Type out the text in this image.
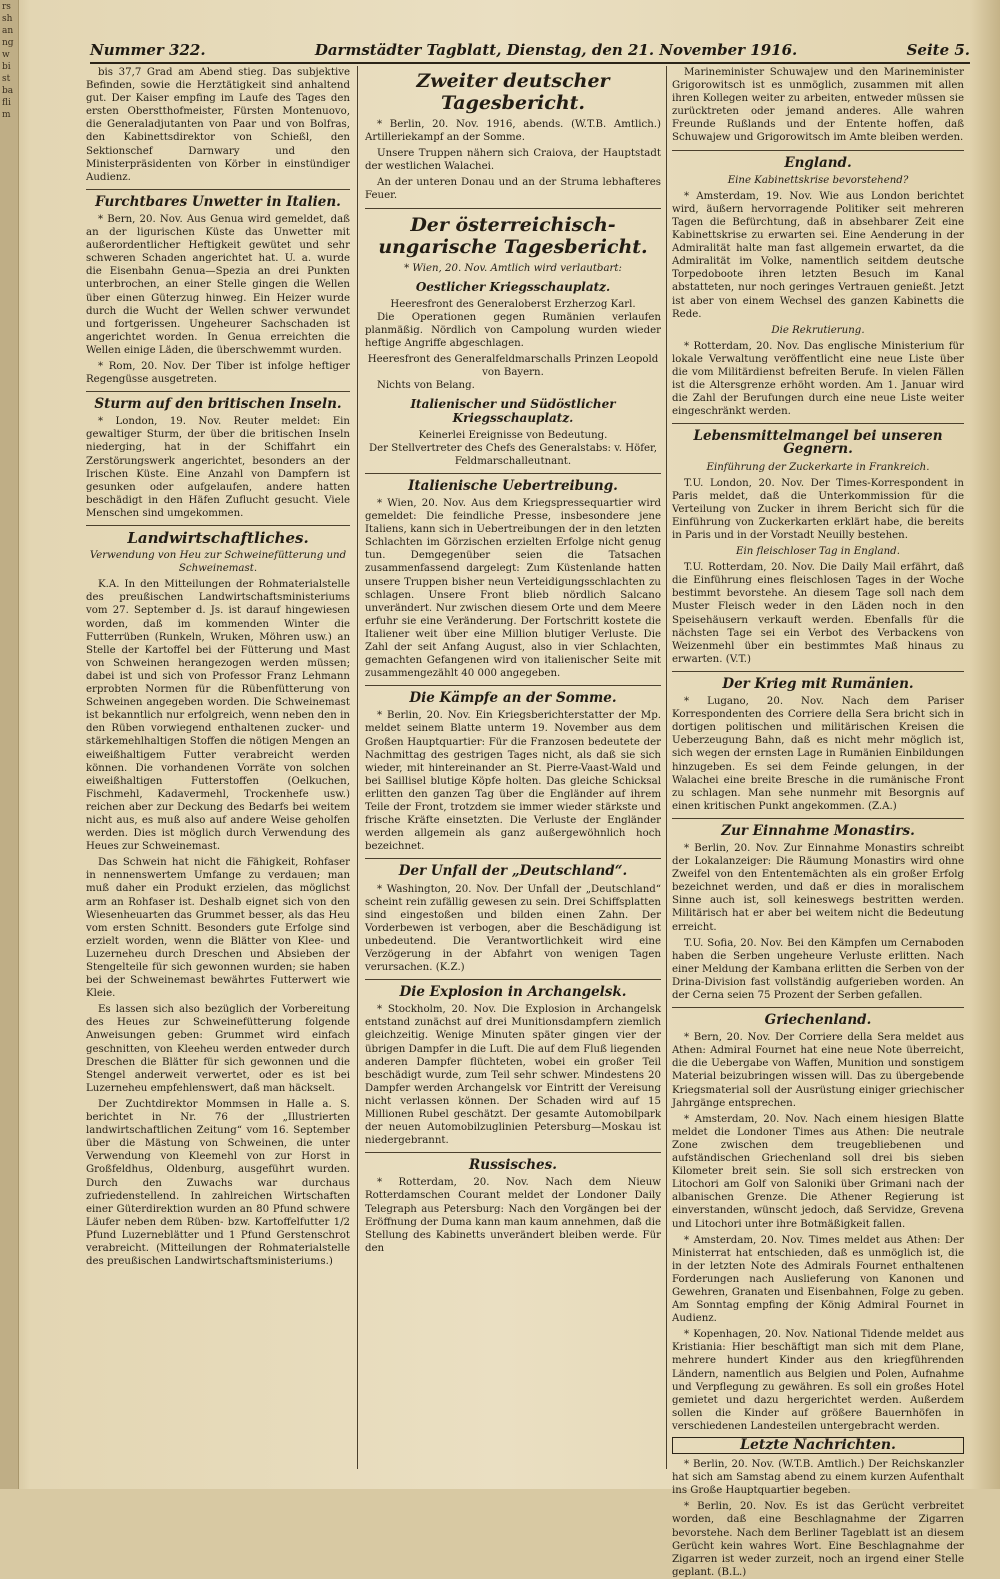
rs
sh
an
ng
w
bi
st
ba
fli
m
Nummer 322.	Darmstädter Tagblatt, Dienstag, den 21. November 1916.	Seite 5.

bis 37,7 Grad am Abend stieg. Das subjektive Befinden, sowie die Herztätigkeit sind anhaltend gut. Der Kaiser empfing im Laufe des Tages den ersten Oberstthofmeister, Fürsten Montenuovo, die Generaladjutanten von Paar und von Bolfras, den Kabinettsdirektor von Schießl, den Sektionschef Darnwary und den Ministerpräsidenten von Körber in einstündiger Audienz.

Furchtbares Unwetter in Italien.

* Bern, 20. Nov. Aus Genua wird gemeldet, daß an der ligurischen Küste das Unwetter mit außerordentlicher Heftigkeit gewütet und sehr schweren Schaden angerichtet hat. U. a. wurde die Eisenbahn Genua—Spezia an drei Punkten unterbrochen, an einer Stelle gingen die Wellen über einen Güterzug hinweg. Ein Heizer wurde durch die Wucht der Wellen schwer verwundet und fortgerissen. Ungeheurer Sachschaden ist angerichtet worden. In Genua erreichten die Wellen einige Läden, die überschwemmt wurden.

* Rom, 20. Nov. Der Tiber ist infolge heftiger Regengüsse ausgetreten.

Sturm auf den britischen Inseln.

* London, 19. Nov. Reuter meldet: Ein gewaltiger Sturm, der über die britischen Inseln niederging, hat in der Schiffahrt ein Zerstörungswerk angerichtet, besonders an der Irischen Küste. Eine Anzahl von Dampfern ist gesunken oder aufgelaufen, andere hatten beschädigt in den Häfen Zuflucht gesucht. Viele Menschen sind umgekommen.

Landwirtschaftliches.
Verwendung von Heu zur Schweinefütterung und Schweinemast.

K.A. In den Mitteilungen der Rohmaterialstelle des preußischen Landwirtschaftsministeriums vom 27. September d. Js. ist darauf hingewiesen worden, daß im kommenden Winter die Futterrüben (Runkeln, Wruken, Möhren usw.) an Stelle der Kartoffel bei der Fütterung und Mast von Schweinen herangezogen werden müssen; dabei ist und sich von Professor Franz Lehmann erprobten Normen für die Rübenfütterung von Schweinen angegeben worden. Die Schweinemast ist bekanntlich nur erfolgreich, wenn neben den in den Rüben vorwiegend enthaltenen zucker- und stärkemehlhaltigen Stoffen die nötigen Mengen an eiweißhaltigem Futter verabreicht werden können. Die vorhandenen Vorräte von solchen eiweißhaltigen Futterstoffen (Oelkuchen, Fischmehl, Kadavermehl, Trockenhefe usw.) reichen aber zur Deckung des Bedarfs bei weitem nicht aus, es muß also auf andere Weise geholfen werden. Dies ist möglich durch Verwendung des Heues zur Schweinemast.

Das Schwein hat nicht die Fähigkeit, Rohfaser in nennenswertem Umfange zu verdauen; man muß daher ein Produkt erzielen, das möglichst arm an Rohfaser ist. Deshalb eignet sich von den Wiesenheuarten das Grummet besser, als das Heu vom ersten Schnitt. Besonders gute Erfolge sind erzielt worden, wenn die Blätter von Klee- und Luzerneheu durch Dreschen und Absieben der Stengelteile für sich gewonnen wurden; sie haben bei der Schweinemast bewährtes Futterwert wie Kleie.

Es lassen sich also bezüglich der Vorbereitung des Heues zur Schweinefütterung folgende Anweisungen geben: Grummet wird einfach geschnitten, von Kleeheu werden entweder durch Dreschen die Blätter für sich gewonnen und die Stengel anderweit verwertet, oder es ist bei Luzerneheu empfehlenswert, daß man häckselt.

Der Zuchtdirektor Mommsen in Halle a. S. berichtet in Nr. 76 der „Illustrierten landwirtschaftlichen Zeitung“ vom 16. September über die Mästung von Schweinen, die unter Verwendung von Kleemehl von zur Horst in Großfeldhus, Oldenburg, ausgeführt wurden. Durch den Zuwachs war durchaus zufriedenstellend. In zahlreichen Wirtschaften einer Güterdirektion wurden an 80 Pfund schwere Läufer neben dem Rüben- bzw. Kartoffelfutter 1/2 Pfund Luzerneblätter und 1 Pfund Gerstenschrot verabreicht. (Mitteilungen der Rohmaterialstelle des preußischen Landwirtschaftsministeriums.)

Zweiter deutscher Tagesbericht.

* Berlin, 20. Nov. 1916, abends. (W.T.B. Amtlich.) Artilleriekampf an der Somme.

Unsere Truppen nähern sich Craiova, der Hauptstadt der westlichen Walachei.

An der unteren Donau und an der Struma lebhafteres Feuer.

Der österreichisch-ungarische Tagesbericht.
* Wien, 20. Nov. Amtlich wird verlautbart:
Oestlicher Kriegsschauplatz.
Heeresfront des Generaloberst Erzherzog Karl.

Die Operationen gegen Rumänien verlaufen planmäßig. Nördlich von Campolung wurden wieder heftige Angriffe abgeschlagen.

Heeresfront des Generalfeldmarschalls Prinzen Leopold von Bayern.

Nichts von Belang.

Italienischer und Südöstlicher Kriegsschauplatz.
Keinerlei Ereignisse von Bedeutung.
Der Stellvertreter des Chefs des Generalstabs: v. Höfer, Feldmarschalleutnant.
Italienische Uebertreibung.

* Wien, 20. Nov. Aus dem Kriegspressequartier wird gemeldet: Die feindliche Presse, insbesondere jene Italiens, kann sich in Uebertreibungen der in den letzten Schlachten im Görzischen erzielten Erfolge nicht genug tun. Demgegenüber seien die Tatsachen zusammenfassend dargelegt: Zum Küstenlande hatten unsere Truppen bisher neun Verteidigungsschlachten zu schlagen. Unsere Front blieb nördlich Salcano unverändert. Nur zwischen diesem Orte und dem Meere erfuhr sie eine Veränderung. Der Fortschritt kostete die Italiener weit über eine Million blutiger Verluste. Die Zahl der seit Anfang August, also in vier Schlachten, gemachten Gefangenen wird von italienischer Seite mit zusammengezählt 40 000 angegeben.

Die Kämpfe an der Somme.

* Berlin, 20. Nov. Ein Kriegsberichterstatter der Mp. meldet seinem Blatte unterm 19. November aus dem Großen Hauptquartier: Für die Franzosen bedeutete der Nachmittag des gestrigen Tages nicht, als daß sie sich wieder, mit hintereinander an St. Pierre-Vaast-Wald und bei Saillisel blutige Köpfe holten. Das gleiche Schicksal erlitten den ganzen Tag über die Engländer auf ihrem Teile der Front, trotzdem sie immer wieder stärkste und frische Kräfte einsetzten. Die Verluste der Engländer werden allgemein als ganz außergewöhnlich hoch bezeichnet.

Der Unfall der „Deutschland“.

* Washington, 20. Nov. Der Unfall der „Deutschland“ scheint rein zufällig gewesen zu sein. Drei Schiffsplatten sind eingestoßen und bilden einen Zahn. Der Vorderbewen ist verbogen, aber die Beschädigung ist unbedeutend. Die Verantwortlichkeit wird eine Verzögerung in der Abfahrt von wenigen Tagen verursachen. (K.Z.)

Die Explosion in Archangelsk.

* Stockholm, 20. Nov. Die Explosion in Archangelsk entstand zunächst auf drei Munitionsdampfern ziemlich gleichzeitig. Wenige Minuten später gingen vier der übrigen Dampfer in die Luft. Die auf dem Fluß liegenden anderen Dampfer flüchteten, wobei ein großer Teil beschädigt wurde, zum Teil sehr schwer. Mindestens 20 Dampfer werden Archangelsk vor Eintritt der Vereisung nicht verlassen können. Der Schaden wird auf 15 Millionen Rubel geschätzt. Der gesamte Automobilpark der neuen Automobilzuglinien Petersburg—Moskau ist niedergebrannt.

Russisches.

* Rotterdam, 20. Nov. Nach dem Nieuw Rotterdamschen Courant meldet der Londoner Daily Telegraph aus Petersburg: Nach den Vorgängen bei der Eröffnung der Duma kann man kaum annehmen, daß die Stellung des Kabinetts unverändert bleiben werde. Für den

Marineminister Schuwajew und den Marineminister Grigorowitsch ist es unmöglich, zusammen mit allen ihren Kollegen weiter zu arbeiten, entweder müssen sie zurücktreten oder jemand anderes. Alle wahren Freunde Rußlands und der Entente hoffen, daß Schuwajew und Grigorowitsch im Amte bleiben werden.

England.
Eine Kabinettskrise bevorstehend?

* Amsterdam, 19. Nov. Wie aus London berichtet wird, äußern hervorragende Politiker seit mehreren Tagen die Befürchtung, daß in absehbarer Zeit eine Kabinettskrise zu erwarten sei. Eine Aenderung in der Admiralität halte man fast allgemein erwartet, da die Admiralität im Volke, namentlich seitdem deutsche Torpedoboote ihren letzten Besuch im Kanal abstatteten, nur noch geringes Vertrauen genießt. Jetzt ist aber von einem Wechsel des ganzen Kabinetts die Rede.

Die Rekrutierung.

* Rotterdam, 20. Nov. Das englische Ministerium für lokale Verwaltung veröffentlicht eine neue Liste über die vom Militärdienst befreiten Berufe. In vielen Fällen ist die Altersgrenze erhöht worden. Am 1. Januar wird die Zahl der Berufungen durch eine neue Liste weiter eingeschränkt werden.

Lebensmittelmangel bei unseren Gegnern.
Einführung der Zuckerkarte in Frankreich.

T.U. London, 20. Nov. Der Times-Korrespondent in Paris meldet, daß die Unterkommission für die Verteilung von Zucker in ihrem Bericht sich für die Einführung von Zuckerkarten erklärt habe, die bereits in Paris und in der Vorstadt Neuilly bestehen.

Ein fleischloser Tag in England.

T.U. Rotterdam, 20. Nov. Die Daily Mail erfährt, daß die Einführung eines fleischlosen Tages in der Woche bestimmt bevorstehe. An diesem Tage soll nach dem Muster Fleisch weder in den Läden noch in den Speisehäusern verkauft werden. Ebenfalls für die nächsten Tage sei ein Verbot des Verbackens von Weizenmehl über ein bestimmtes Maß hinaus zu erwarten. (V.T.)

Der Krieg mit Rumänien.

* Lugano, 20. Nov. Nach dem Pariser Korrespondenten des Corriere della Sera bricht sich in dortigen politischen und militärischen Kreisen die Ueberzeugung Bahn, daß es nicht mehr möglich ist, sich wegen der ernsten Lage in Rumänien Einbildungen hinzugeben. Es sei dem Feinde gelungen, in der Walachei eine breite Bresche in die rumänische Front zu schlagen. Man sehe nunmehr mit Besorgnis auf einen kritischen Punkt angekommen. (Z.A.)

Zur Einnahme Monastirs.

* Berlin, 20. Nov. Zur Einnahme Monastirs schreibt der Lokalanzeiger: Die Räumung Monastirs wird ohne Zweifel von den Ententemächten als ein großer Erfolg bezeichnet werden, und daß er dies in moralischem Sinne auch ist, soll keineswegs bestritten werden. Militärisch hat er aber bei weitem nicht die Bedeutung erreicht.

T.U. Sofia, 20. Nov. Bei den Kämpfen um Cernaboden haben die Serben ungeheure Verluste erlitten. Nach einer Meldung der Kambana erlitten die Serben von der Drina-Division fast vollständig aufgerieben worden. An der Cerna seien 75 Prozent der Serben gefallen.

Griechenland.

* Bern, 20. Nov. Der Corriere della Sera meldet aus Athen: Admiral Fournet hat eine neue Note überreicht, die die Uebergabe von Waffen, Munition und sonstigem Material beizubringen wissen will. Das zu übergebende Kriegsmaterial soll der Ausrüstung einiger griechischer Jahrgänge entsprechen.

* Amsterdam, 20. Nov. Nach einem hiesigen Blatte meldet die Londoner Times aus Athen: Die neutrale Zone zwischen dem treugebliebenen und aufständischen Griechenland soll drei bis sieben Kilometer breit sein. Sie soll sich erstrecken von Litochori am Golf von Saloniki über Grimani nach der albanischen Grenze. Die Athener Regierung ist einverstanden, wünscht jedoch, daß Servidze, Grevena und Litochori unter ihre Botmäßigkeit fallen.

* Amsterdam, 20. Nov. Times meldet aus Athen: Der Ministerrat hat entschieden, daß es unmöglich ist, die in der letzten Note des Admirals Fournet enthaltenen Forderungen nach Auslieferung von Kanonen und Gewehren, Granaten und Eisenbahnen, Folge zu geben. Am Sonntag empfing der König Admiral Fournet in Audienz.

* Kopenhagen, 20. Nov. National Tidende meldet aus Kristiania: Hier beschäftigt man sich mit dem Plane, mehrere hundert Kinder aus den kriegführenden Ländern, namentlich aus Belgien und Polen, Aufnahme und Verpflegung zu gewähren. Es soll ein großes Hotel gemietet und dazu hergerichtet werden. Außerdem sollen die Kinder auf größere Bauernhöfen in verschiedenen Landesteilen untergebracht werden.

Letzte Nachrichten.

* Berlin, 20. Nov. (W.T.B. Amtlich.) Der Reichskanzler hat sich am Samstag abend zu einem kurzen Aufenthalt ins Große Hauptquartier begeben.

* Berlin, 20. Nov. Es ist das Gerücht verbreitet worden, daß eine Beschlagnahme der Zigarren bevorstehe. Nach dem Berliner Tageblatt ist an diesem Gerücht kein wahres Wort. Eine Beschlagnahme der Zigarren ist weder zurzeit, noch an irgend einer Stelle geplant. (B.L.)
